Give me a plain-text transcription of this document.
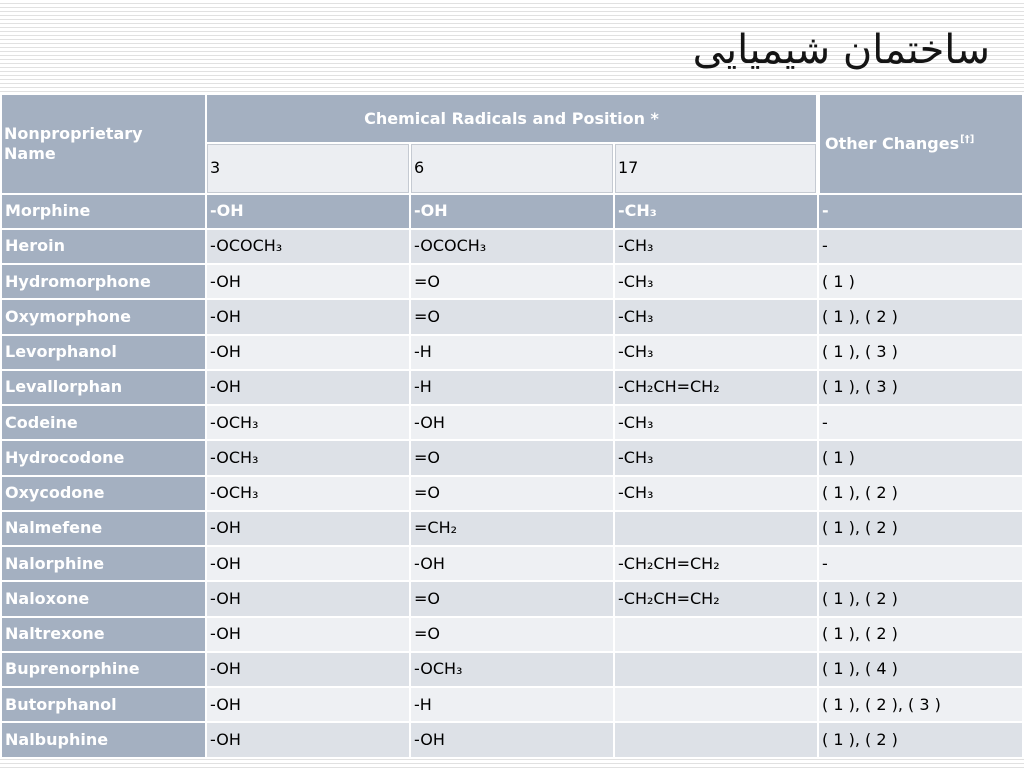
ساختمان شیمیایی
Nonproprietary Name	Chemical Radicals and Position *			Other Changes[†]
	3	6	17	
Morphine	-OH	-OH	-CH₃	-
Heroin	-OCOCH₃	-OCOCH₃	-CH₃	-
Hydromorphone	-OH	=O	-CH₃	( 1 )
Oxymorphone	-OH	=O	-CH₃	( 1 ), ( 2 )
Levorphanol	-OH	-H	-CH₃	( 1 ), ( 3 )
Levallorphan	-OH	-H	-CH₂CH=CH₂	( 1 ), ( 3 )
Codeine	-OCH₃	-OH	-CH₃	-
Hydrocodone	-OCH₃	=O	-CH₃	( 1 )
Oxycodone	-OCH₃	=O	-CH₃	( 1 ), ( 2 )
Nalmefene	-OH	=CH₂		( 1 ), ( 2 )
Nalorphine	-OH	-OH	-CH₂CH=CH₂	-
Naloxone	-OH	=O	-CH₂CH=CH₂	( 1 ), ( 2 )
Naltrexone	-OH	=O		( 1 ), ( 2 )
Buprenorphine	-OH	-OCH₃		( 1 ), ( 4 )
Butorphanol	-OH	-H		( 1 ), ( 2 ), ( 3 )
Nalbuphine	-OH	-OH		( 1 ), ( 2 )
